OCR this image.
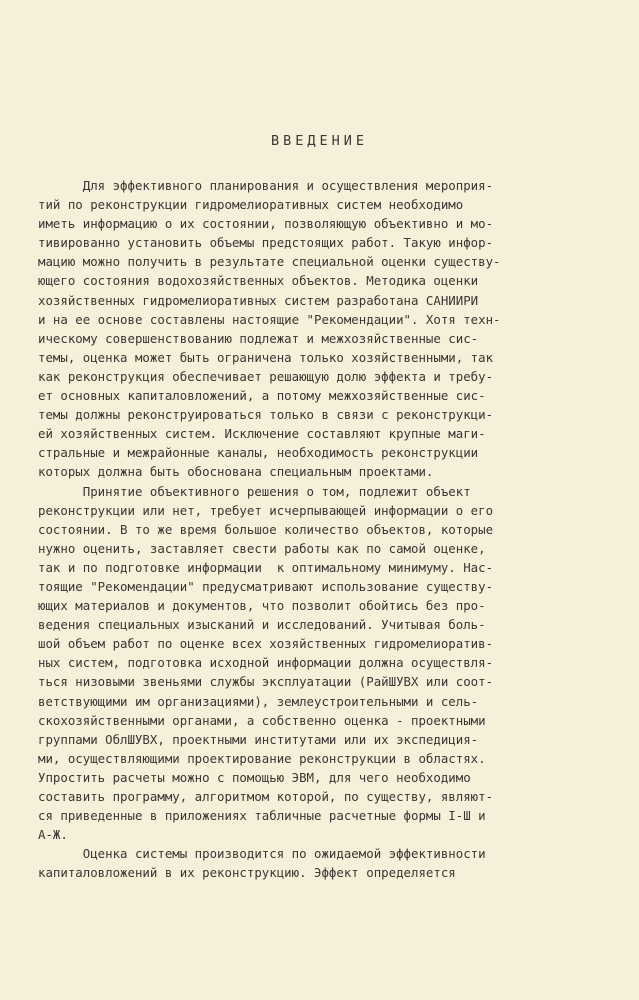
ВВЕДЕНИЕ
Для эффективного планирования и осуществления мероприя-
тий по реконструкции гидромелиоративных систем необходимо
иметь информацию о их состоянии, позволяющую объективно и мо-
тивированно установить объемы предстоящих работ. Такую инфор-
мацию можно получить в результате специальной оценки существу-
ющего состояния водохозяйственных объектов. Методика оценки
хозяйственных гидромелиоративных систем разработана САНИИРИ
и на ее основе составлены настоящие "Рекомендации". Хотя техн-
ическому совершенствованию подлежат и межхозяйственные сис-
темы, оценка может быть ограничена только хозяйственными, так
как реконструкция обеспечивает решающую долю эффекта и требу-
ет основных капиталовложений, а потому межхозяйственные сис-
темы должны реконструироваться только в связи с реконструкци-
ей хозяйственных систем. Исключение составляют крупные маги-
стральные и межрайонные каналы, необходимость реконструкции
которых должна быть обоснована специальным проектами.
Принятие объективного решения о том, подлежит объект
реконструкции или нет, требует исчерпывающей информации о его
состоянии. В то же время большое количество объектов, которые
нужно оценить, заставляет свести работы как по самой оценке,
так и по подготовке информации  к оптимальному минимуму. Нас-
тоящие "Рекомендации" предусматривают использование существу-
ющих материалов и документов, что позволит обойтись без про-
ведения специальных изысканий и исследований. Учитывая боль-
шой объем работ по оценке всех хозяйственных гидромелиоратив-
ных систем, подготовка исходной информации должна осуществля-
ться низовыми звеньями службы эксплуатации (РайШУВХ или соот-
ветствующими им организациями), землеустроительными и сель-
скохозяйственными органами, а собственно оценка - проектными
группами ОблШУВХ, проектными институтами или их экспедиция-
ми, осуществляющими проектирование реконструкции в областях.
Упростить расчеты можно с помощью ЭВМ, для чего необходимо
составить программу, алгоритмом которой, по существу, являют-
ся приведенные в приложениях табличные расчетные формы I-Ш и
А-Ж.
Оценка системы производится по ожидаемой эффективности
капиталовложений в их реконструкцию. Эффект определяется
